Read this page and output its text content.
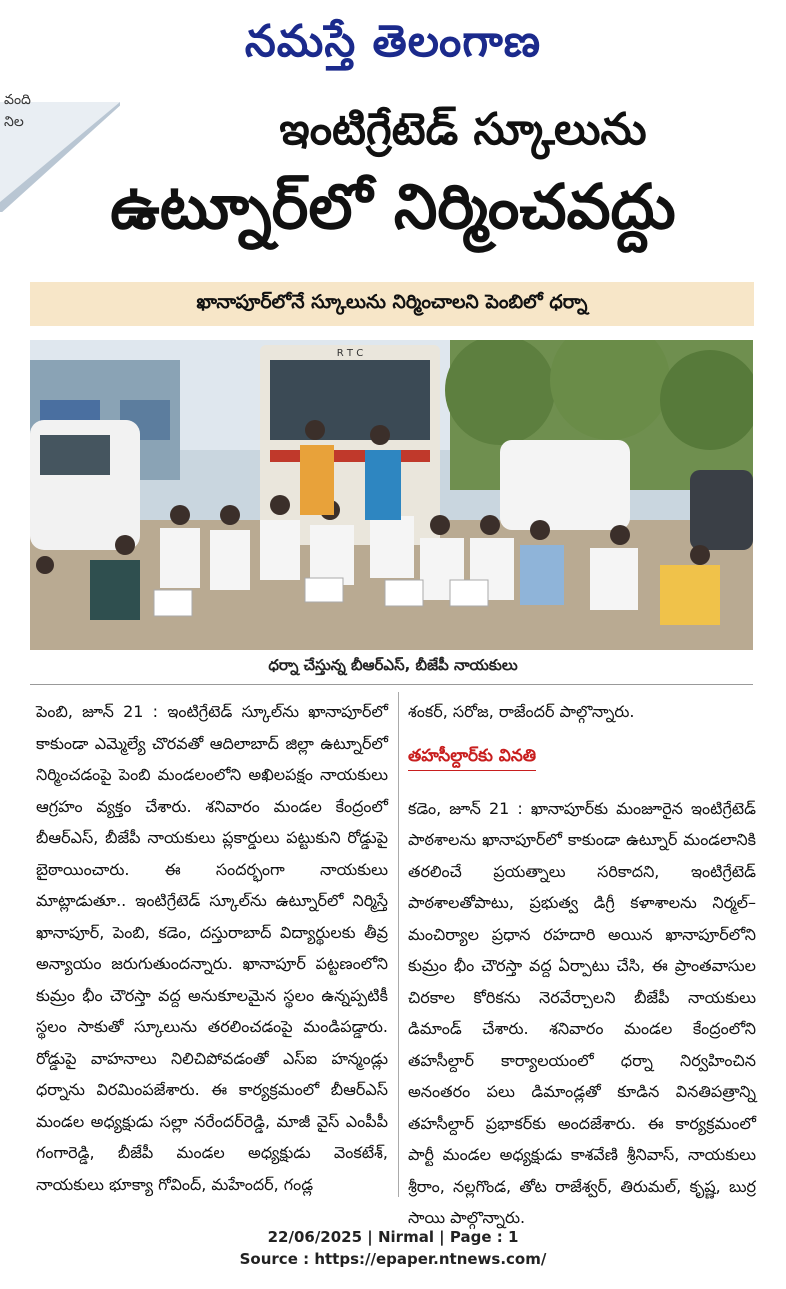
నమస్తే తెలంగాణ
వంది
నిల	ఇంటిగ్రేటెడ్ స్కూలును
ఉట్నూర్‌లో నిర్మించవద్దు
ఖానాపూర్‌లోనే స్కూలును నిర్మించాలని పెంబిలో ధర్నా
R T C
ధర్నా చేస్తున్న బీఆర్‌ఎస్, బీజేపీ నాయకులు

పెంబి, జూన్ 21 : ఇంటిగ్రేటెడ్ స్కూల్‌ను ఖానాపూర్‌లో కాకుండా ఎమ్మెల్యే చొరవతో ఆదిలాబాద్ జిల్లా ఉట్నూర్‌లో నిర్మించడంపై పెంబి మండలంలోని అఖిలపక్షం నాయకులు ఆగ్రహం వ్యక్తం చేశారు. శనివారం మండల కేంద్రంలో బీఆర్‌ఎస్, బీజేపీ నాయకులు ప్లకార్డులు పట్టుకుని రోడ్డుపై బైఠాయించారు. ఈ సందర్భంగా నాయకులు మాట్లాడుతూ.. ఇంటిగ్రేటెడ్ స్కూల్‌ను ఉట్నూర్‌లో నిర్మిస్తే ఖానాపూర్, పెంబి, కడెం, దస్తురాబాద్ విద్యార్థులకు తీవ్ర అన్యాయం జరుగుతుందన్నారు. ఖానాపూర్ పట్టణంలోని కుమ్రం భీం చౌరస్తా వద్ద అనుకూలమైన స్థలం ఉన్నప్పటికీ స్థలం సాకుతో స్కూలును తరలించడంపై మండిపడ్డారు. రోడ్డుపై వాహనాలు నిలిచిపోవడంతో ఎస్ఐ హన్మండ్లు ధర్నాను విరమింపజేశారు. ఈ కార్యక్రమంలో బీఆర్‌ఎస్ మండల అధ్యక్షుడు సల్లా నరేందర్‌రెడ్డి, మాజీ వైస్ ఎంపీపీ గంగారెడ్డి, బీజేపీ మండల అధ్యక్షుడు వెంకటేశ్, నాయకులు భూక్యా గోవింద్, మహేందర్, గండ్ల

శంకర్, సరోజ, రాజేందర్ పాల్గొన్నారు.

తహసీల్దార్‌కు వినతి

కడెం, జూన్ 21 : ఖానాపూర్‌కు మంజూరైన ఇంటిగ్రేటెడ్ పాఠశాలను ఖానాపూర్‌లో కాకుండా ఉట్నూర్ మండలానికి తరలించే ప్రయత్నాలు సరికాదని, ఇంటిగ్రేటెడ్ పాఠశాలతోపాటు, ప్రభుత్వ డిగ్రీ కళాశాలను నిర్మల్–మంచిర్యాల ప్రధాన రహదారి అయిన ఖానాపూర్‌లోని కుమ్రం భీం చౌరస్తా వద్ద ఏర్పాటు చేసి, ఈ ప్రాంతవాసుల చిరకాల కోరికను నెరవేర్చాలని బీజేపీ నాయకులు డిమాండ్ చేశారు. శనివారం మండల కేంద్రంలోని తహసీల్దార్ కార్యాలయంలో ధర్నా నిర్వహించిన అనంతరం పలు డిమాండ్లతో కూడిన వినతిపత్రాన్ని తహసీల్దార్ ప్రభాకర్‌కు అందజేశారు. ఈ కార్యక్రమంలో పార్టీ మండల అధ్యక్షుడు కాశవేణి శ్రీనివాస్, నాయకులు శ్రీరాం, నల్లగొండ, తోట రాజేశ్వర్, తిరుమల్, కృష్ణ, బుర్ర సాయి పాల్గొన్నారు.

22/06/2025 | Nirmal | Page : 1
Source : https://epaper.ntnews.com/
